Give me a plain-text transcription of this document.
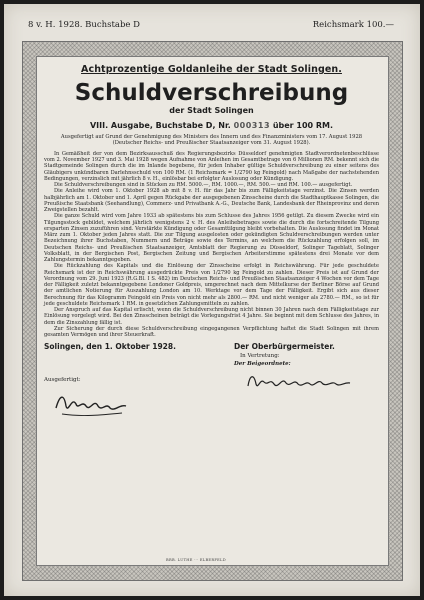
8 v. H. 1928. Buchstabe D	Reichsmark 100.—
Achtprozentige Goldanleihe der Stadt Solingen.
Schuldverschreibung
der Stadt Solingen
VIII. Ausgabe, Buchstabe D, Nr. 000313 über 100 RM.
Ausgefertigt auf Grund der Genehmigung des Ministers des Innern und des Finanzministers vom 17. August 1928 (Deutscher Reichs- und Preußischer Staatsanzeiger vom 31. August 1928).

In Gemäßheit der von dem Bezirksausschuß des Regierungsbezirks Düsseldorf genehmigten Stadtverordnetenbeschlüsse vom 2. November 1927 und 3. Mai 1928 wegen Aufnahme von Anleihen im Gesamtbetrage von 6 Millionen RM. bekennt sich die Stadtgemeinde Solingen durch die im Inlande begebene, für jeden Inhaber gültige Schuldverschreibung zu einer seitens des Gläubigers unkündbaren Darlehnsschuld von 100 RM. (1 Reichsmark = 1/2790 kg Feingold) nach Maßgabe der nachstehenden Bedingungen, verzinslich mit jährlich 8 v. H., einlösbar bei erfolgter Auslosung oder Kündigung.

Die Schuldverschreibungen sind in Stücken zu RM. 5000.—, RM. 1000.—, RM. 500.— und RM. 100.— ausgefertigt.

Die Anleihe wird vom 1. Oktober 1928 ab mit 8 v. H. für das Jahr bis zum Fälligkeitstage verzinst. Die Zinsen werden halbjährlich am 1. Oktober und 1. April gegen Rückgabe der ausgegebenen Zinsscheine durch die Stadthauptkasse Solingen, die Preußische Staatsbank (Seehandlung), Commerz- und Privatbank A.-G., Deutsche Bank, Landesbank der Rheinprovinz und deren Zweigstellen bezahlt.

Die ganze Schuld wird vom Jahre 1933 ab spätestens bis zum Schlusse des Jahres 1956 getilgt. Zu diesem Zwecke wird ein Tilgungsstock gebildet, welchem jährlich wenigstens 2 v. H. des Anleihebetrages sowie die durch die fortschreitende Tilgung ersparten Zinsen zuzuführen sind. Verstärkte Kündigung oder Gesamttilgung bleibt vorbehalten. Die Auslosung findet im Monat März zum 1. Oktober jeden Jahres statt. Die zur Tilgung ausgelosten oder gekündigten Schuldverschreibungen werden unter Bezeichnung ihrer Buchstaben, Nummern und Beträge sowie des Termins, an welchem die Rückzahlung erfolgen soll, im Deutschen Reichs- und Preußischen Staatsanzeiger, Amtsblatt der Regierung zu Düsseldorf, Solinger Tageblatt, Solinger Volksblatt, in der Bergischen Post, Bergischen Zeitung und Bergischen Arbeiterstimme spätestens drei Monate vor dem Zahlungstermin bekanntgegeben.

Die Rückzahlung des Kapitals und die Einlösung der Zinsscheine erfolgt in Reichswährung. Für jede geschuldete Reichsmark ist der in Reichswährung ausgedrückte Preis von 1/2790 kg Feingold zu zahlen. Dieser Preis ist auf Grund der Verordnung vom 29. Juni 1923 (R.G.Bl. I S. 482) im Deutschen Reichs- und Preußischen Staatsanzeiger 4 Wochen vor dem Tage der Fälligkeit zuletzt bekanntgegebene Londoner Goldpreis, umgerechnet nach dem Mittelkurse der Berliner Börse auf Grund der amtlichen Notierung für Auszahlung London am 10. Werktage vor dem Tage der Fälligkeit. Ergibt sich aus dieser Berechnung für das Kilogramm Feingold ein Preis von nicht mehr als 2800.— RM. und nicht weniger als 2780.— RM., so ist für jede geschuldete Reichsmark 1 RM. in gesetzlichen Zahlungsmitteln zu zahlen.

Der Anspruch auf das Kapital erlischt, wenn die Schuldverschreibung nicht binnen 30 Jahren nach dem Fälligkeitstage zur Einlösung vorgelegt wird. Bei den Zinsscheinen beträgt die Vorlegungsfrist 4 Jahre. Sie beginnt mit dem Schlusse des Jahres, in dem die Zinszahlung fällig ist.

Zur Sicherung der durch diese Schuldverschreibung eingegangenen Verpflichtung haftet die Stadt Solingen mit ihrem gesamten Vermögen und ihrer Steuerkraft.

Solingen, den 1. Oktober 1928.	Der Oberbürgermeister.
In Vertretung:
Der Beigeordnete:
Ausgefertigt:
BRB. LUTHE ··· ELBERFELD
